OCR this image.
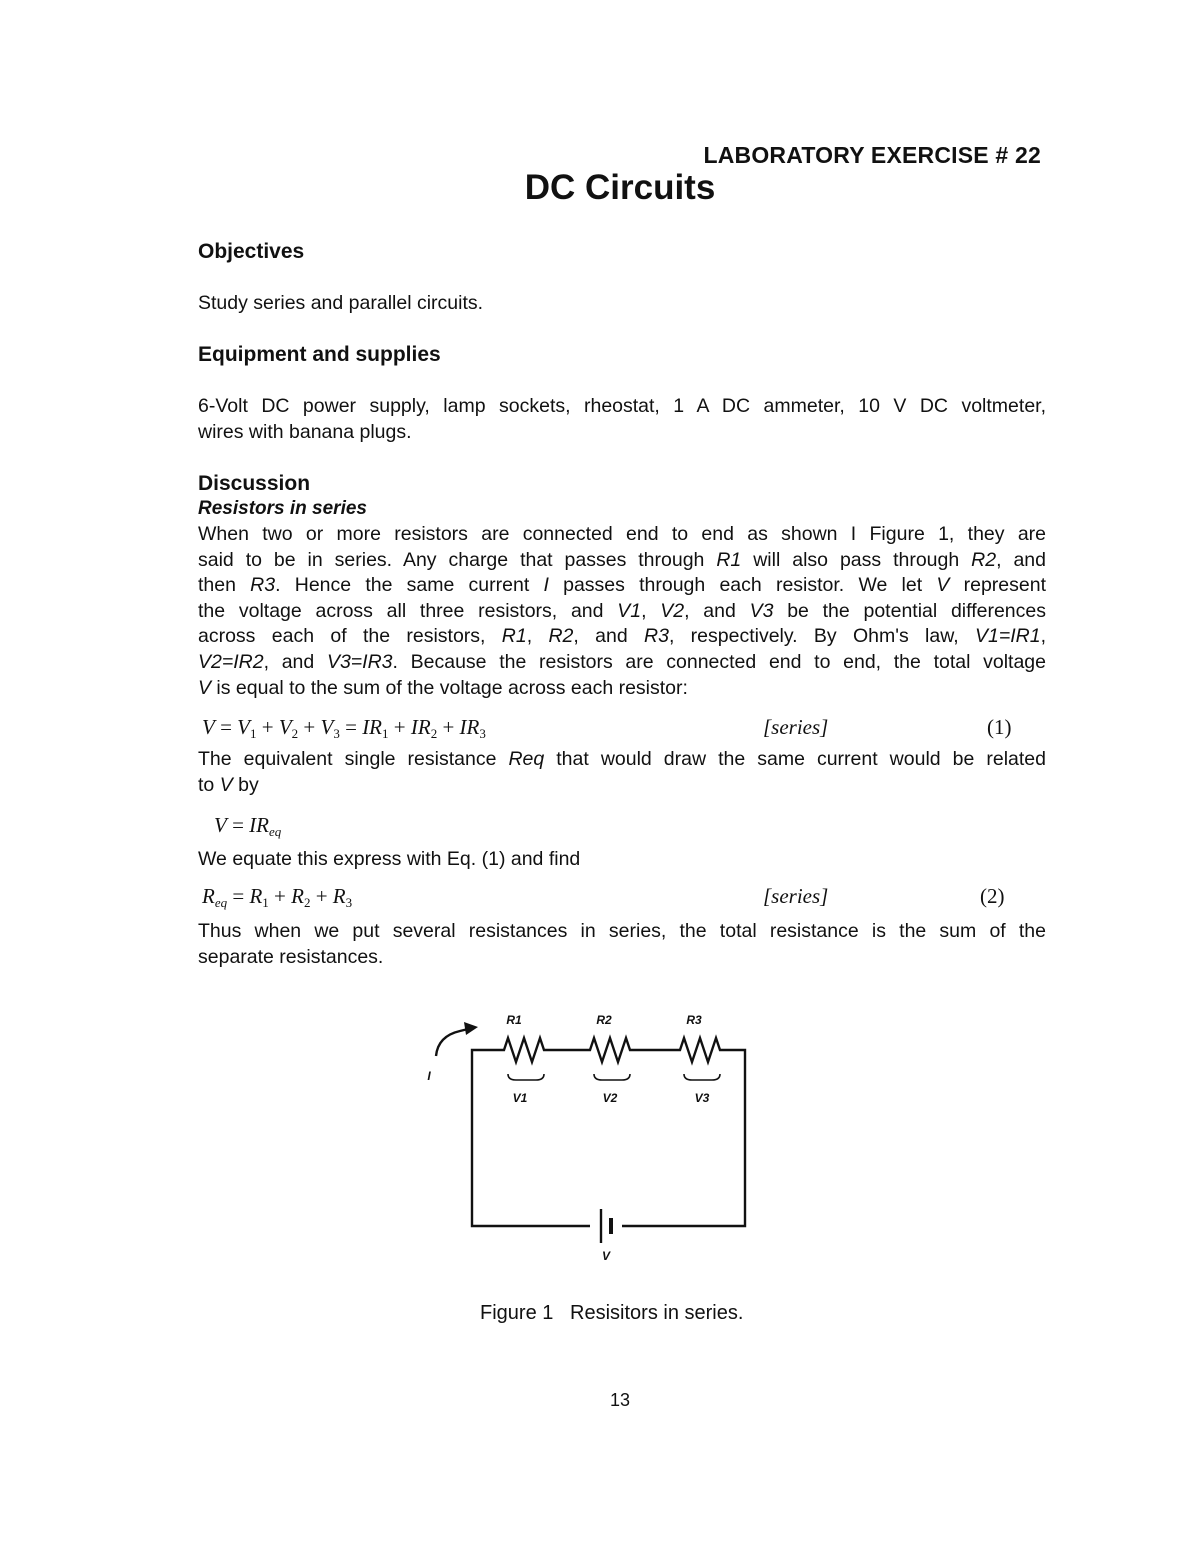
LABORATORY EXERCISE # 22
DC Circuits
Objectives
Study series and parallel circuits.
Equipment and supplies
6-Volt DC power supply, lamp sockets, rheostat, 1 A DC ammeter, 10 V DC voltmeter,
wires with banana plugs.
Discussion
Resistors in series
When two or more resistors are connected end to end as shown I Figure 1, they are
said to be in series. Any charge that passes through R1 will also pass through R2, and
then R3. Hence the same current I passes through each resistor. We let V represent
the voltage across all three resistors, and V1, V2, and V3 be the potential differences
across each of the resistors, R1, R2, and R3, respectively. By Ohm's law, V1=IR1,
V2=IR2, and V3=IR3. Because the resistors are connected end to end, the total voltage
V is equal to the sum of the voltage across each resistor:
$V = V_1 + V_2 + V_3 = IR_1 + IR_2 + IR_3$	[series]	(1)
The equivalent single resistance Req that would draw the same current would be related
to V by
$V = IR_{eq}$
We equate this express with Eq. (1) and find
$R_{eq} = R_1 + R_2 + R_3$	[series]	(2)
Thus when we put several resistances in series, the total resistance is the sum of the
separate resistances.
R1	R2	R3
V1	V2	V3
I
V
Figure 1   Resisitors in series.
13
